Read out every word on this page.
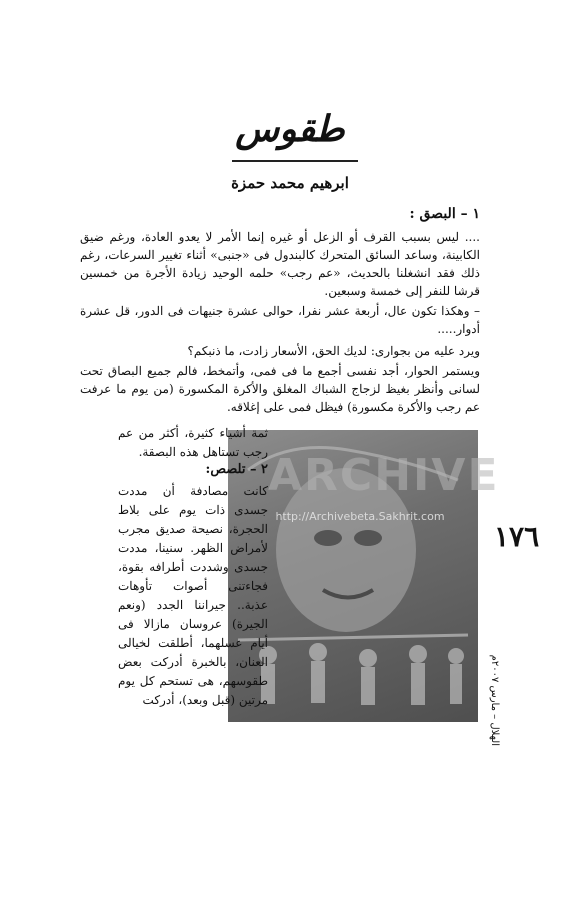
طقوس
ابرهيم محمد حمزة
١ – البصق :
.... ليس بسبب القرف أو الزعل أو غيره إنما الأمر لا يعدو العادة، ورغم ضيق الكابينة، وساعد السائق المتحرك كالبندول فى «جنبى» أثناء تغيير السرعات، رغم ذلك فقد انشغلنا بالحديث، «عم رجب» حلمه الوحيد زيادة الأجرة من خمسين قرشا للنفر إلى خمسة وسبعين.
– وهكذا تكون عال، أربعة عشر نفرا، حوالى عشرة جنيهات فى الدور، قل عشرة أدوار.....
ويرد عليه من بجوارى: لديك الحق، الأسعار زادت، ما ذنبكم؟
ويستمر الحوار، أجد نفسى أجمع ما فى فمى، وأتمخط، فالم جميع البصاق تحت لسانى وأنظر بغيظ لزجاج الشباك المغلق والأكرة المكسورة (من يوم ما عرفت عم رجب والأكرة مكسورة) فيظل فمى على إغلاقه.
ARCHIVE
http://Archivebeta.Sakhrit.com
ثمة أشياء كثيرة، أكثر من عم رجب تستاهل هذه البصقة.
٢ – تلصص:
كانت مصادفة أن مددت جسدى ذات يوم على بلاط الحجرة، نصيحة صديق مجرب لأمراض الظهر. سنينا، مددت جسدى وشددت أطرافه بقوة، فجاءتنى أصوات تأوهات عذبة.. جيراننا الجدد (ونعم الجيرة) عروسان مازالا فى أيام عسلهما، أطلقت لخيالى العنان، بالخبرة أدركت بعض طقوسهم، هى تستحم كل يوم مرتين (قبل وبعد)، أدركت
١٧٦
الهلال – مارس ٢٠٠٧م
